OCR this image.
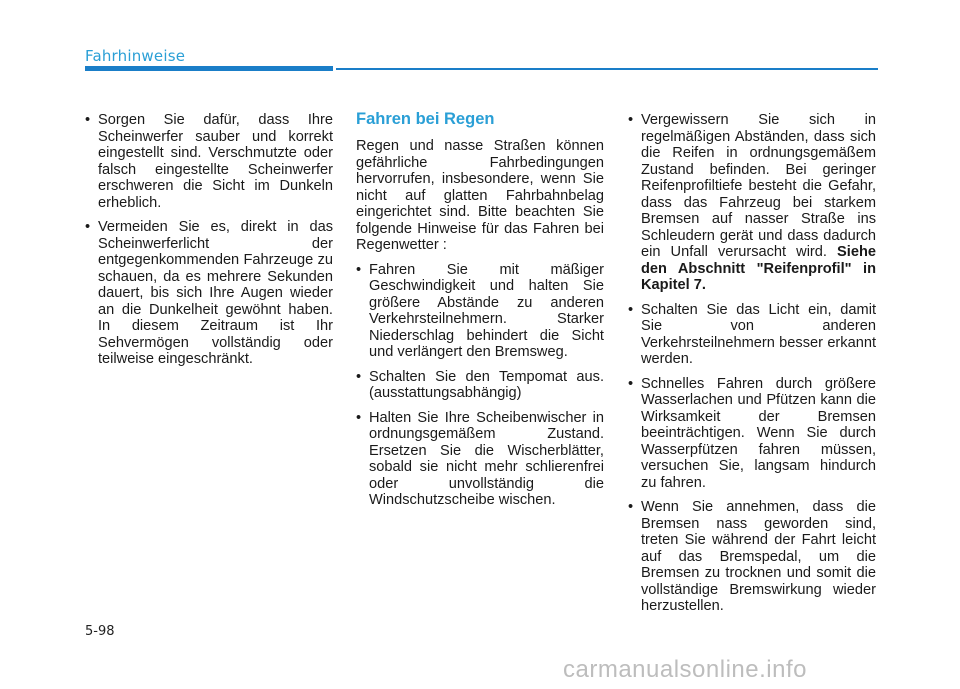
Fahrhinweise
• Sorgen Sie dafür, dass Ihre Scheinwerfer sauber und korrekt eingestellt sind. Verschmutzte oder falsch eingestellte Scheinwerfer erschweren die Sicht im Dunkeln erheblich.
• Vermeiden Sie es, direkt in das Scheinwerferlicht der entgegenkommenden Fahrzeuge zu schauen, da es mehrere Sekunden dauert, bis sich Ihre Augen wieder an die Dunkelheit gewöhnt haben. In diesem Zeitraum ist Ihr Sehvermögen vollständig oder teilweise eingeschränkt.
Fahren bei Regen

Regen und nasse Straßen können gefährliche Fahrbedingungen hervorrufen, insbesondere, wenn Sie nicht auf glatten Fahrbahnbelag eingerichtet sind. Bitte beachten Sie folgende Hinweise für das Fahren bei Regenwetter :

• Fahren Sie mit mäßiger Geschwindigkeit und halten Sie größere Abstände zu anderen Verkehrsteilnehmern. Starker Niederschlag behindert die Sicht und verlängert den Bremsweg.
• Schalten Sie den Tempomat aus. (ausstattungsabhängig)
• Halten Sie Ihre Scheibenwischer in ordnungsgemäßem Zustand. Ersetzen Sie die Wischerblätter, sobald sie nicht mehr schlierenfrei oder unvollständig die Windschutzscheibe wischen.
• Vergewissern Sie sich in regelmäßigen Abständen, dass sich die Reifen in ordnungsgemäßem Zustand befinden. Bei geringer Reifenprofiltiefe besteht die Gefahr, dass das Fahrzeug bei starkem Bremsen auf nasser Straße ins Schleudern gerät und dass dadurch ein Unfall verursacht wird. Siehe den Abschnitt "Reifenprofil" in Kapitel 7.
• Schalten Sie das Licht ein, damit Sie von anderen Verkehrsteilnehmern besser erkannt werden.
• Schnelles Fahren durch größere Wasserlachen und Pfützen kann die Wirksamkeit der Bremsen beeinträchtigen. Wenn Sie durch Wasserpfützen fahren müssen, versuchen Sie, langsam hindurch zu fahren.
• Wenn Sie annehmen, dass die Bremsen nass geworden sind, treten Sie während der Fahrt leicht auf das Bremspedal, um die Bremsen zu trocknen und somit die vollständige Bremswirkung wieder herzustellen.
5-98
carmanualsonline.info
